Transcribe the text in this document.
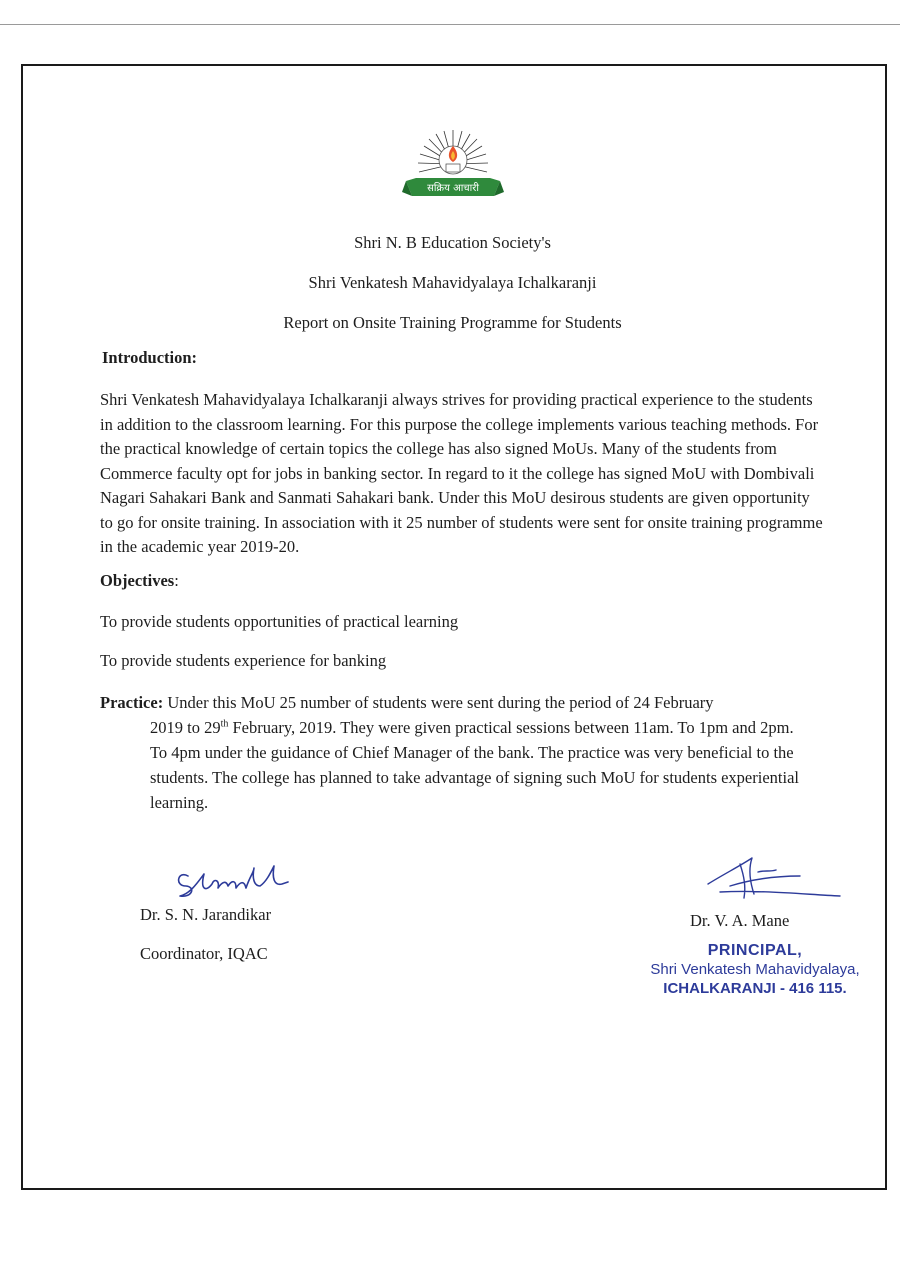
सक्रिय आचारी
Shri N. B Education Society's
Shri Venkatesh Mahavidyalaya Ichalkaranji
Report on Onsite Training Programme for Students
Introduction:
Shri Venkatesh Mahavidyalaya Ichalkaranji always strives for providing practical experience to the students in addition to the classroom learning. For this purpose the college implements various teaching methods. For the practical knowledge of certain topics the college has also signed MoUs. Many of the students from Commerce faculty opt for jobs in banking sector. In regard to it the college has signed MoU with Dombivali Nagari Sahakari Bank and Sanmati Sahakari bank. Under this MoU desirous students are given opportunity to go for onsite training. In association with it 25 number of students were sent for onsite training programme in the academic year 2019-20.
Objectives:
To provide students opportunities of practical learning
To provide students experience for banking
Practice: Under this MoU 25 number of students were sent during the period of 24 February
2019 to 29th February, 2019. They were given practical sessions between 11am. To 1pm and 2pm. To 4pm under the guidance of Chief Manager of the bank. The practice was very beneficial to the students. The college has planned to take advantage of signing such MoU for students experiential learning.
Dr. S. N. Jarandikar
Coordinator, IQAC
Dr. V. A. Mane
PRINCIPAL,
Shri Venkatesh Mahavidyalaya,
ICHALKARANJI - 416 115.
